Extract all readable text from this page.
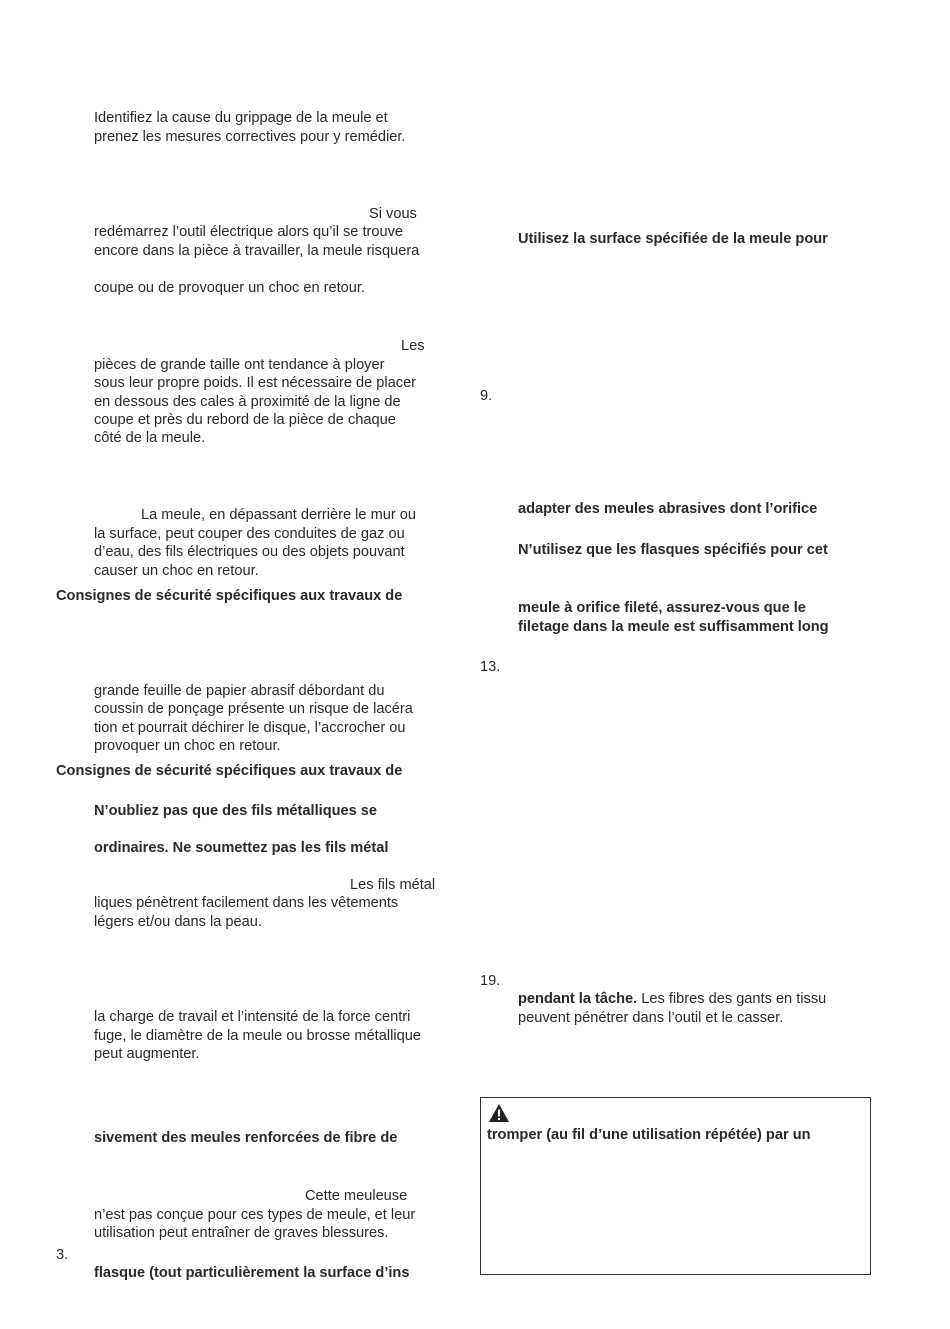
Identifiez la cause du grippage de la meule et
prenez les mesures correctives pour y remédier.
Si vous
redémarrez l’outil électrique alors qu’il se trouve
encore dans la pièce à travailler, la meule risquera
coupe ou de provoquer un choc en retour.
Les
pièces de grande taille ont tendance à ployer
sous leur propre poids. Il est nécessaire de placer
en dessous des cales à proximité de la ligne de
coupe et près du rebord de la pièce de chaque
côté de la meule.
La meule, en dépassant derrière le mur ou
la surface, peut couper des conduites de gaz ou
d’eau, des fils électriques ou des objets pouvant
causer un choc en retour.
Consignes de sécurité spécifiques aux travaux de
grande feuille de papier abrasif débordant du
coussin de ponçage présente un risque de lacéra
tion et pourrait déchirer le disque, l’accrocher ou
provoquer un choc en retour.
Consignes de sécurité spécifiques aux travaux de
N’oubliez pas que des fils métalliques se
ordinaires. Ne soumettez pas les fils métal
Les fils métal
liques pénètrent facilement dans les vêtements
légers et/ou dans la peau.
la charge de travail et l’intensité de la force centri
fuge, le diamètre de la meule ou brosse métallique
peut augmenter.
sivement des meules renforcées de fibre de
Cette meuleuse
n’est pas conçue pour ces types de meule, et leur
utilisation peut entraîner de graves blessures.
3.
flasque (tout particulièrement la surface d’ins
Utilisez la surface spécifiée de la meule pour
9.
adapter des meules abrasives dont l’orifice
N’utilisez que les flasques spécifiés pour cet
meule à orifice fileté, assurez-vous que le
filetage dans la meule est suffisamment long
13.
19.
pendant la tâche. Les fibres des gants en tissu
peuvent pénétrer dans l’outil et le casser.
tromper (au fil d’une utilisation répétée) par un
